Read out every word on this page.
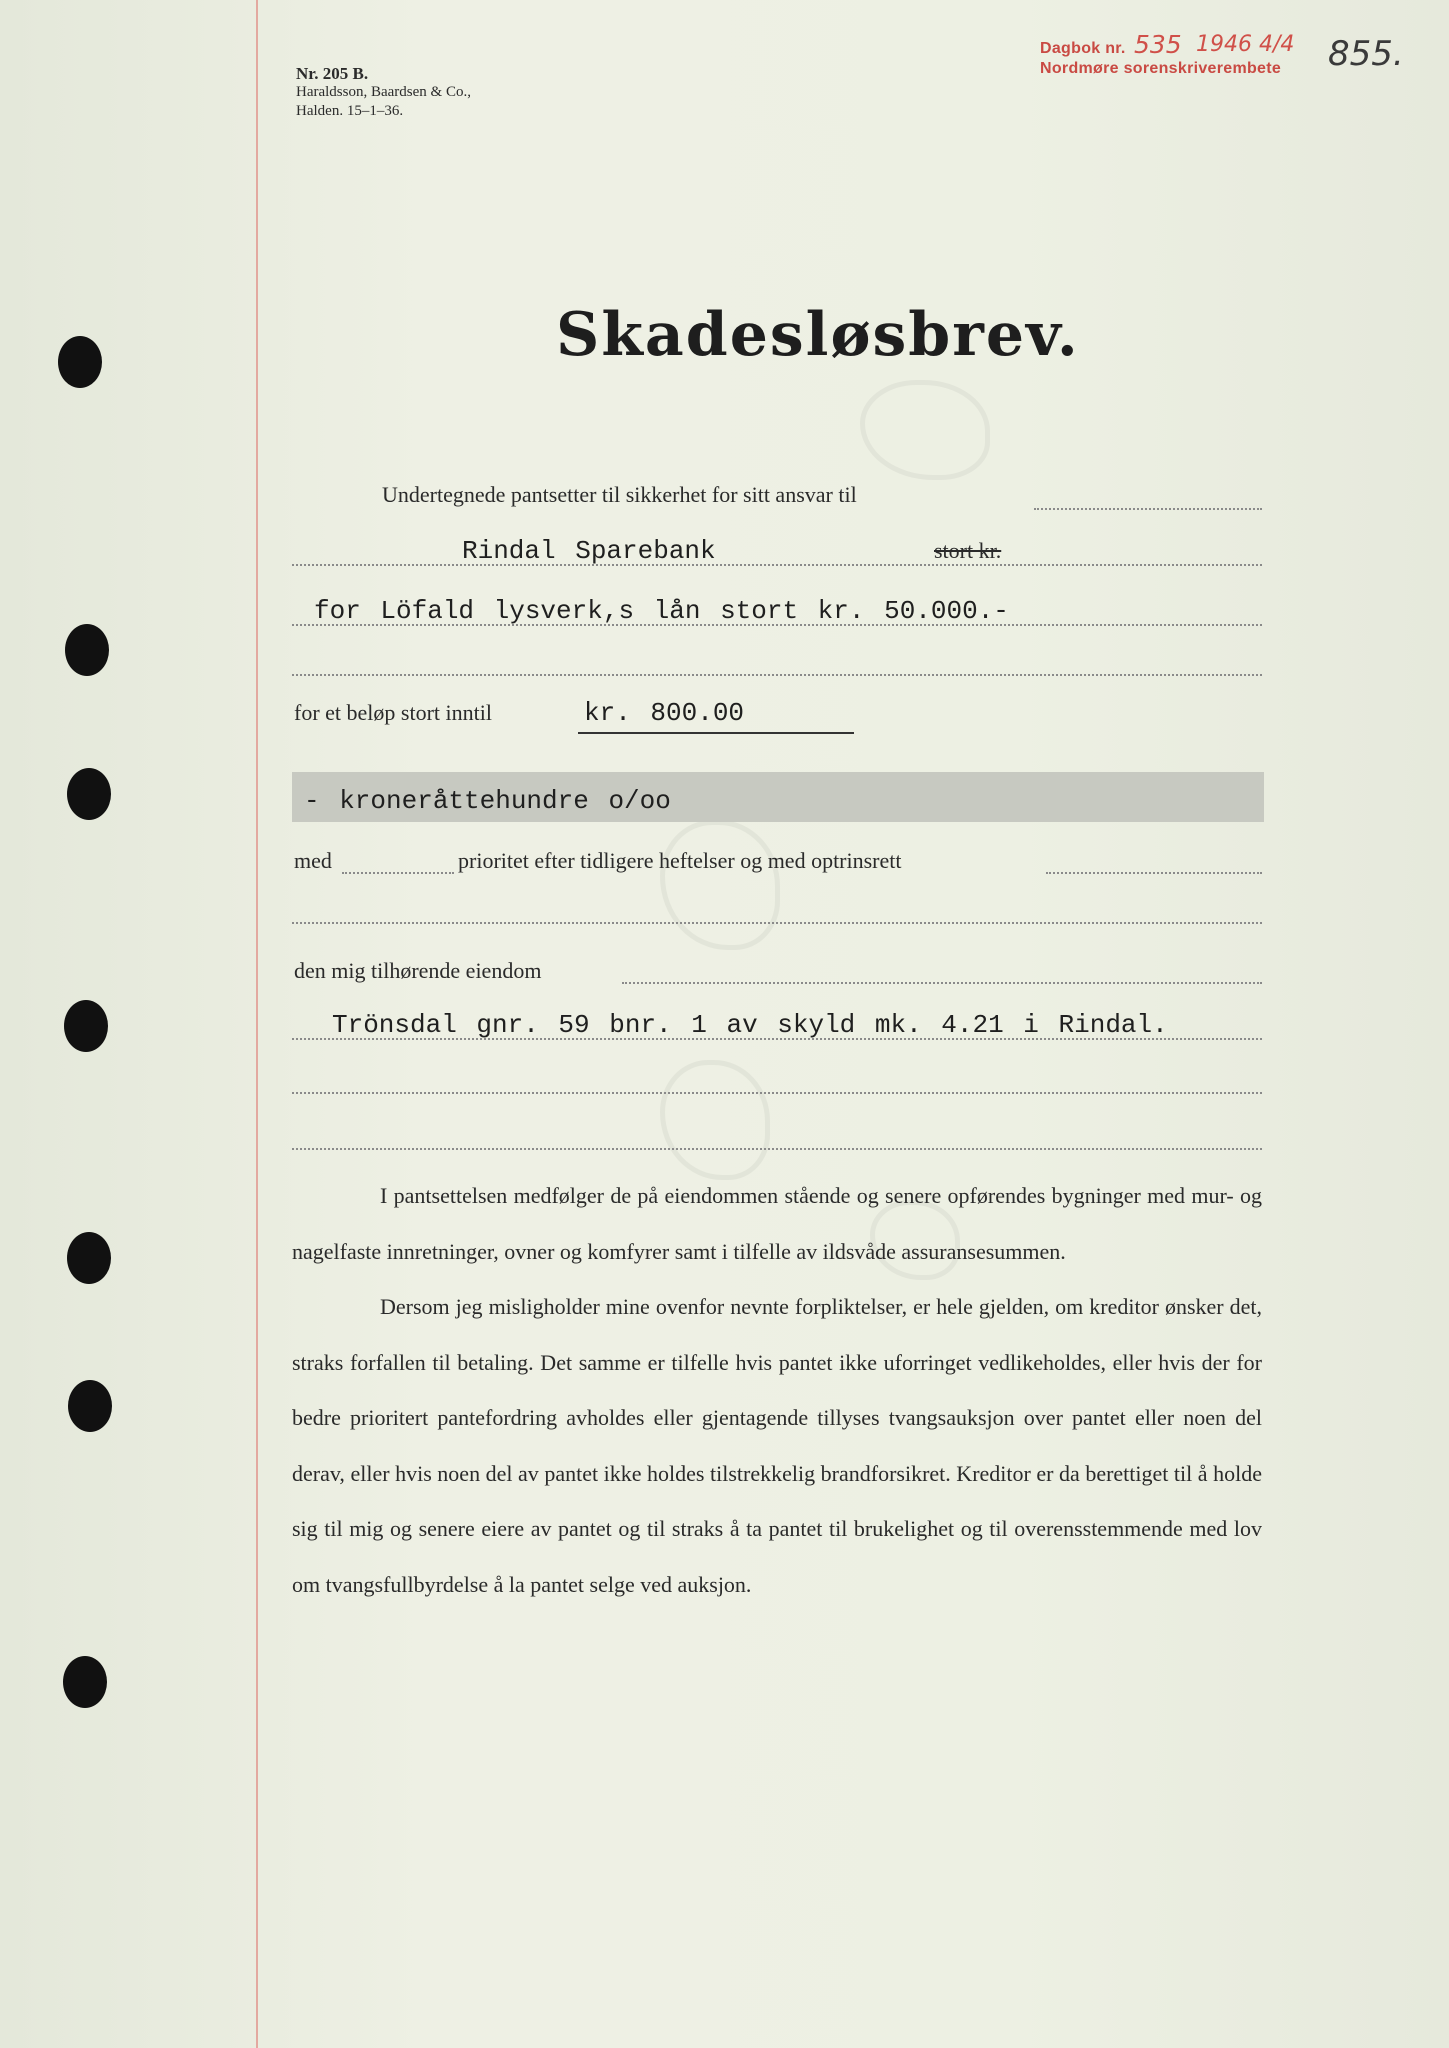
Nr. 205 B.
Haraldsson, Baardsen & Co.,
Halden. 15–1–36.
Dagbok nr.
Nordmøre sorenskriverembete
535 1946 4/4 855.
Skadesløsbrev.
Undertegnede pantsetter til sikkerhet for sitt ansvar til
Rindal Sparebank	stort kr.
for Löfald lysverk,s lån stort kr. 50.000.-
for et beløp stort inntil	kr. 800.00
- kroneråttehundre o/oo
med	prioritet efter tidligere heftelser og med optrinsrett
den mig tilhørende eiendom
Trönsdal gnr. 59 bnr. 1 av skyld mk. 4.21 i Rindal.

I pantsettelsen medfølger de på eiendommen stående og senere opførendes bygninger med mur- og nagelfaste innretninger, ovner og komfyrer samt i tilfelle av ildsvåde assuransesummen.

Dersom jeg misligholder mine ovenfor nevnte forpliktelser, er hele gjelden, om kreditor ønsker det, straks forfallen til betaling. Det samme er tilfelle hvis pantet ikke uforringet vedlikeholdes, eller hvis der for bedre prioritert pantefordring avholdes eller gjentagende tillyses tvangsauksjon over pantet eller noen del derav, eller hvis noen del av pantet ikke holdes tilstrekkelig brandforsikret. Kreditor er da berettiget til å holde sig til mig og senere eiere av pantet og til straks å ta pantet til brukelighet og til overensstemmende med lov om tvangsfullbyrdelse å la pantet selge ved auksjon.
